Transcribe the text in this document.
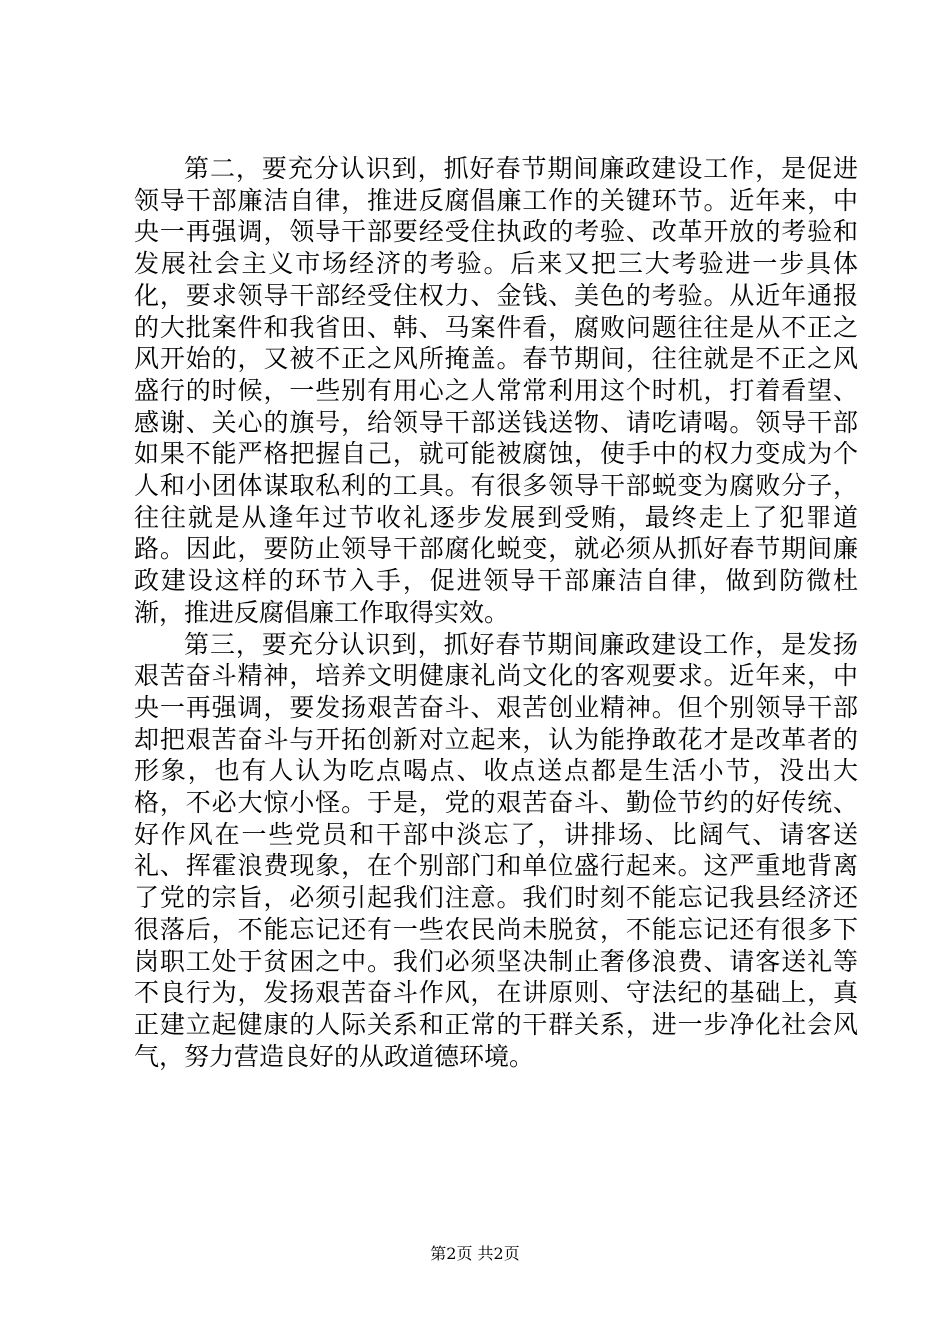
第二，要充分认识到，抓好春节期间廉政建设工作，是促进领导干部廉洁自律，推进反腐倡廉工作的关键环节。近年来，中央一再强调，领导干部要经受住执政的考验、改革开放的考验和发展社会主义市场经济的考验。后来又把三大考验进一步具体化，要求领导干部经受住权力、金钱、美色的考验。从近年通报的大批案件和我省田、韩、马案件看，腐败问题往往是从不正之风开始的，又被不正之风所掩盖。春节期间，往往就是不正之风盛行的时候，一些别有用心之人常常利用这个时机，打着看望、感谢、关心的旗号，给领导干部送钱送物、请吃请喝。领导干部如果不能严格把握自己，就可能被腐蚀，使手中的权力变成为个人和小团体谋取私利的工具。有很多领导干部蜕变为腐败分子，往往就是从逢年过节收礼逐步发展到受贿，最终走上了犯罪道路。因此，要防止领导干部腐化蜕变，就必须从抓好春节期间廉政建设这样的环节入手，促进领导干部廉洁自律，做到防微杜渐，推进反腐倡廉工作取得实效。

第三，要充分认识到，抓好春节期间廉政建设工作，是发扬艰苦奋斗精神，培养文明健康礼尚文化的客观要求。近年来，中央一再强调，要发扬艰苦奋斗、艰苦创业精神。但个别领导干部却把艰苦奋斗与开拓创新对立起来，认为能挣敢花才是改革者的形象，也有人认为吃点喝点、收点送点都是生活小节，没出大格，不必大惊小怪。于是，党的艰苦奋斗、勤俭节约的好传统、好作风在一些党员和干部中淡忘了，讲排场、比阔气、请客送礼、挥霍浪费现象，在个别部门和单位盛行起来。这严重地背离了党的宗旨，必须引起我们注意。我们时刻不能忘记我县经济还很落后，不能忘记还有一些农民尚未脱贫，不能忘记还有很多下岗职工处于贫困之中。我们必须坚决制止奢侈浪费、请客送礼等不良行为，发扬艰苦奋斗作风，在讲原则、守法纪的基础上，真正建立起健康的人际关系和正常的干群关系，进一步净化社会风气，努力营造良好的从政道德环境。

第2页 共2页
